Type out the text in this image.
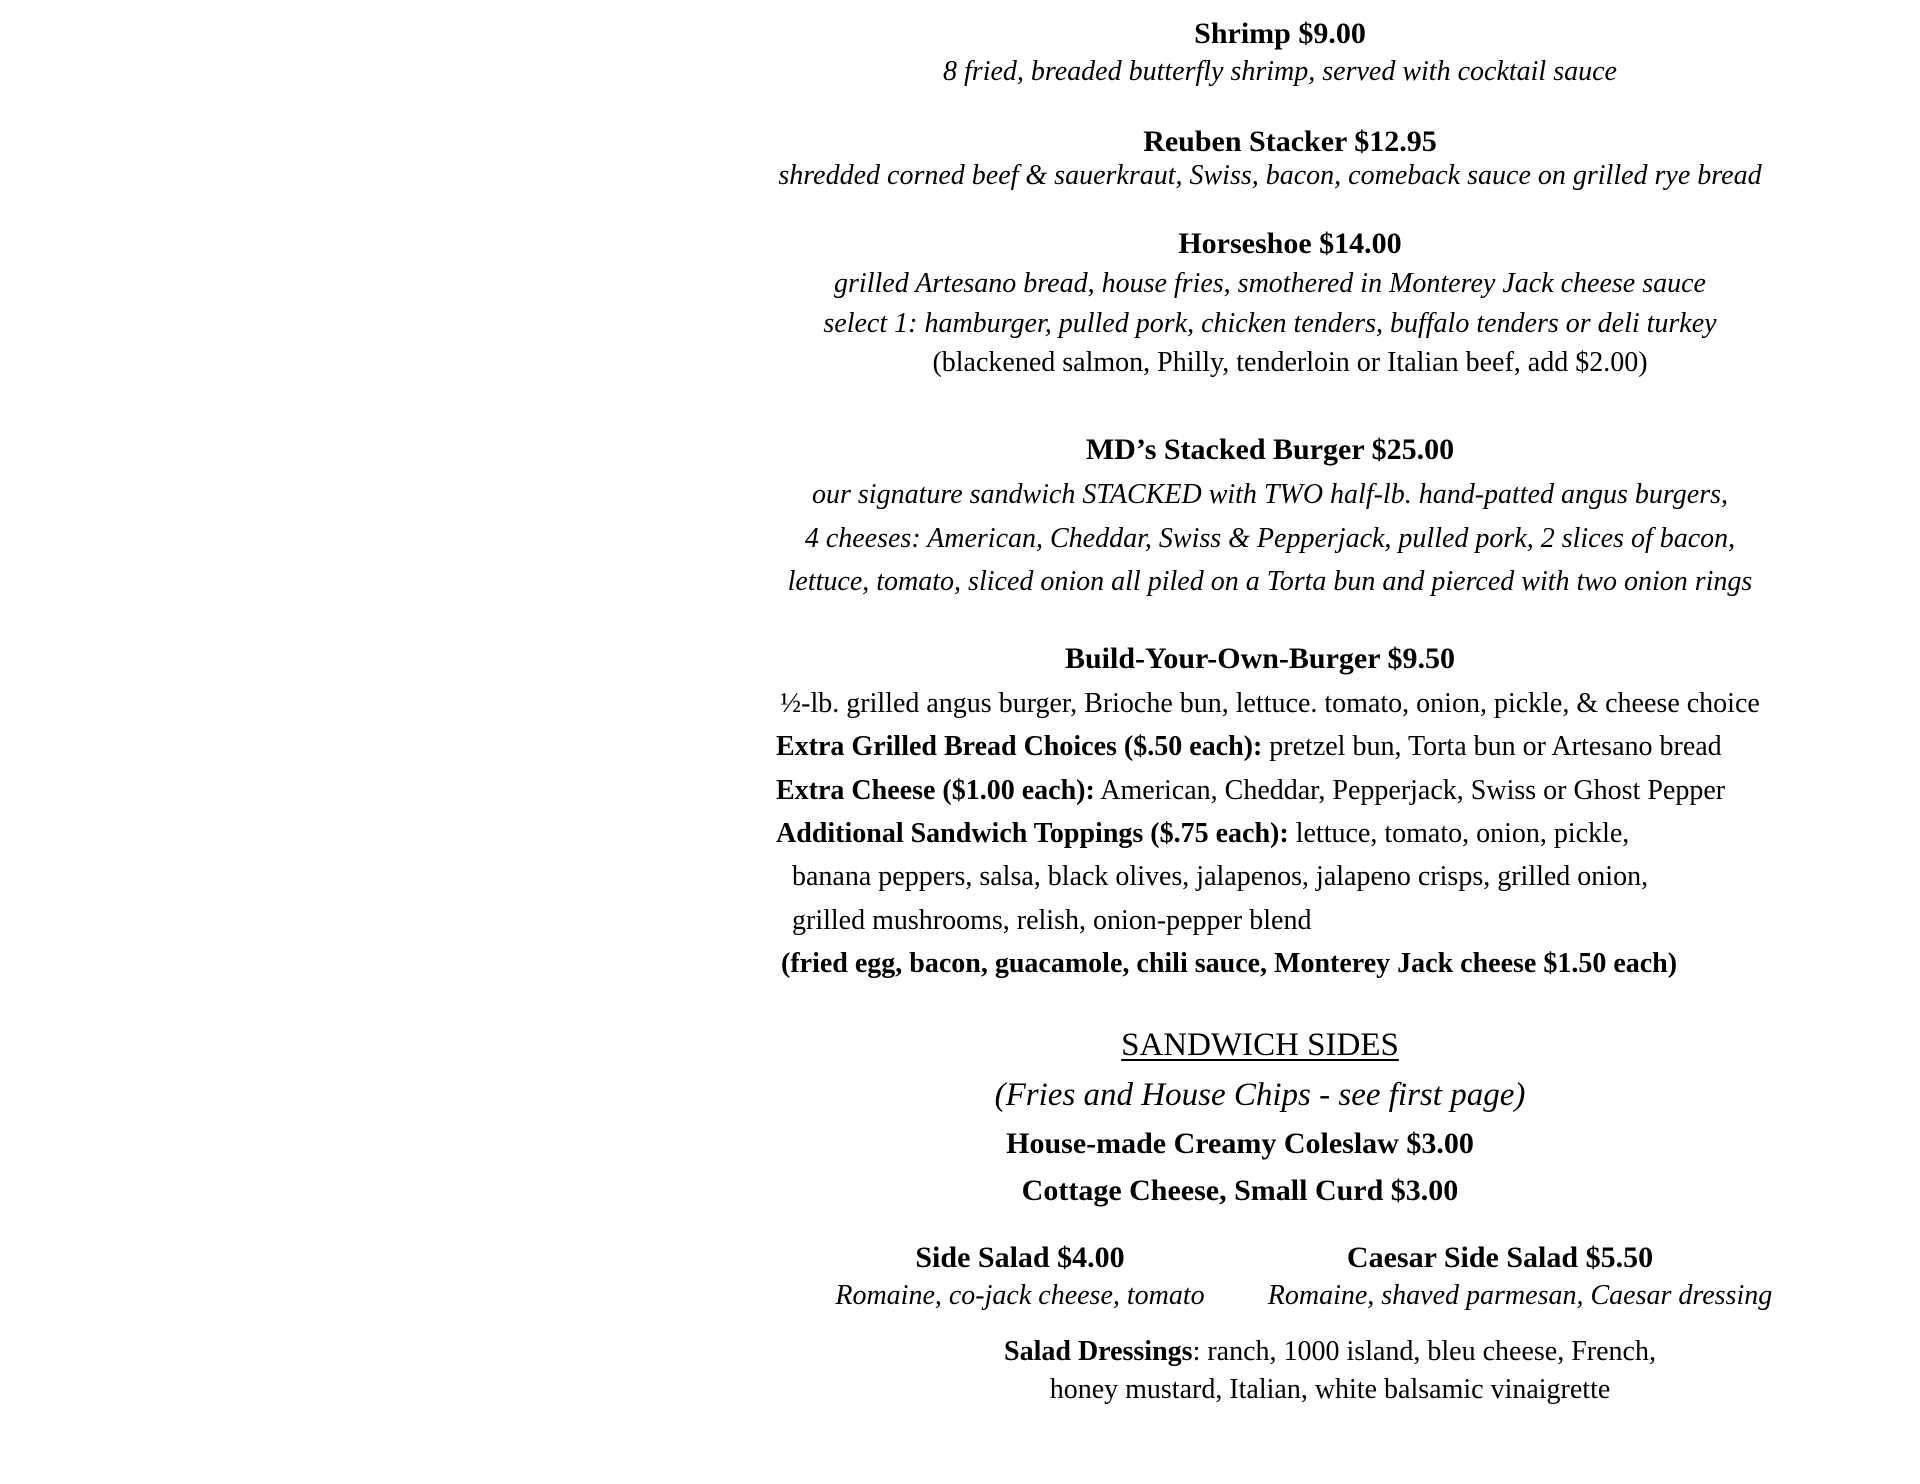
Shrimp $9.00
8 fried, breaded butterfly shrimp, served with cocktail sauce
Reuben Stacker $12.95
shredded corned beef & sauerkraut, Swiss, bacon, comeback sauce on grilled rye bread
Horseshoe $14.00
grilled Artesano bread, house fries, smothered in Monterey Jack cheese sauce
select 1: hamburger, pulled pork, chicken tenders, buffalo tenders or deli turkey
(blackened salmon, Philly, tenderloin or Italian beef, add $2.00)
MD’s Stacked Burger $25.00
our signature sandwich STACKED with TWO half-lb. hand-patted angus burgers,
4 cheeses: American, Cheddar, Swiss & Pepperjack, pulled pork, 2 slices of bacon,
lettuce, tomato, sliced onion all piled on a Torta bun and pierced with two onion rings
Build-Your-Own-Burger $9.50
½-lb. grilled angus burger, Brioche bun, lettuce. tomato, onion, pickle, & cheese choice
Extra Grilled Bread Choices ($.50 each): pretzel bun, Torta bun or Artesano bread
Extra Cheese ($1.00 each): American, Cheddar, Pepperjack, Swiss or Ghost Pepper
Additional Sandwich Toppings ($.75 each): lettuce, tomato, onion, pickle,
banana peppers, salsa, black olives, jalapenos, jalapeno crisps, grilled onion,
grilled mushrooms, relish, onion-pepper blend
(fried egg, bacon, guacamole, chili sauce, Monterey Jack cheese $1.50 each)
SANDWICH SIDES
(Fries and House Chips - see first page)
House-made Creamy Coleslaw $3.00
Cottage Cheese, Small Curd $3.00
Side Salad $4.00
Romaine, co-jack cheese, tomato
Caesar Side Salad $5.50
Romaine, shaved parmesan, Caesar dressing
Salad Dressings: ranch, 1000 island, bleu cheese, French,
honey mustard, Italian, white balsamic vinaigrette
